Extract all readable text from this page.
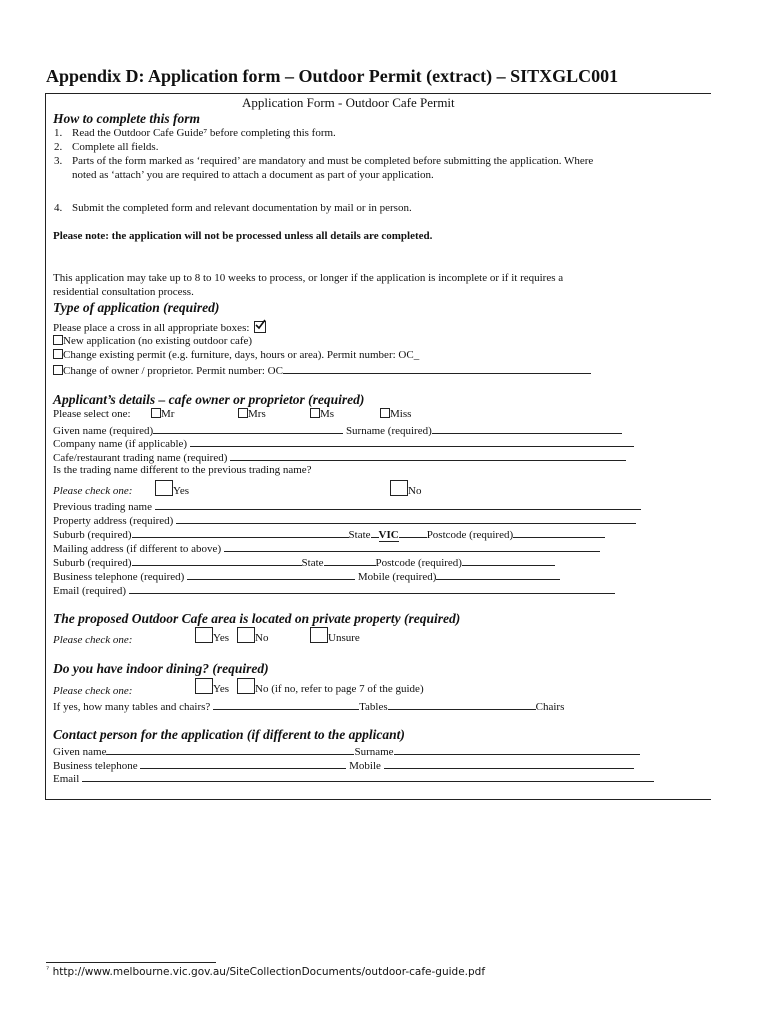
Appendix D: Application form – Outdoor Permit (extract) – SITXGLC001
Application Form - Outdoor Cafe Permit
How to complete this form
1. Read the Outdoor Cafe Guide⁷ before completing this form.
2. Complete all fields.
3. Parts of the form marked as ‘required’ are mandatory and must be completed before submitting the application. Where
noted as ‘attach’ you are required to attach a document as part of your application.
4. Submit the completed form and relevant documentation by mail or in person.
Please note: the application will not be processed unless all details are completed.
This application may take up to 8 to 10 weeks to process, or longer if the application is incomplete or if it requires a
residential consultation process.
Type of application (required)
Please place a cross in all appropriate boxes:
New application (no existing outdoor cafe)
Change existing permit (e.g. furniture, days, hours or area). Permit number: OC_
Change of owner / proprietor. Permit number: OC
Applicant’s details – cafe owner or proprietor (required)
Please select one:	Mr	Mrs	Ms	Miss
Given name (required)	Surname (required)
Company name (if applicable)
Cafe/restaurant trading name (required)
Is the trading name different to the previous trading name?
Please check one:	Yes	No
Previous trading name
Property address (required)
Suburb (required)	State VIC	Postcode (required)
Mailing address (if different to above)
Suburb (required)	State	Postcode (required)
Business telephone (required)	Mobile (required)
Email (required)
The proposed Outdoor Cafe area is located on private property (required)
Please check one:	Yes	No	Unsure
Do you have indoor dining? (required)
Please check one:	Yes	No (if no, refer to page 7 of the guide)
If yes, how many tables and chairs?	Tables	Chairs
Contact person for the application (if different to the applicant)
Given name	Surname
Business telephone	Mobile
Email
$^{^7}$ http://www.melbourne.vic.gov.au/SiteCollectionDocuments/outdoor-cafe-guide.pdf
